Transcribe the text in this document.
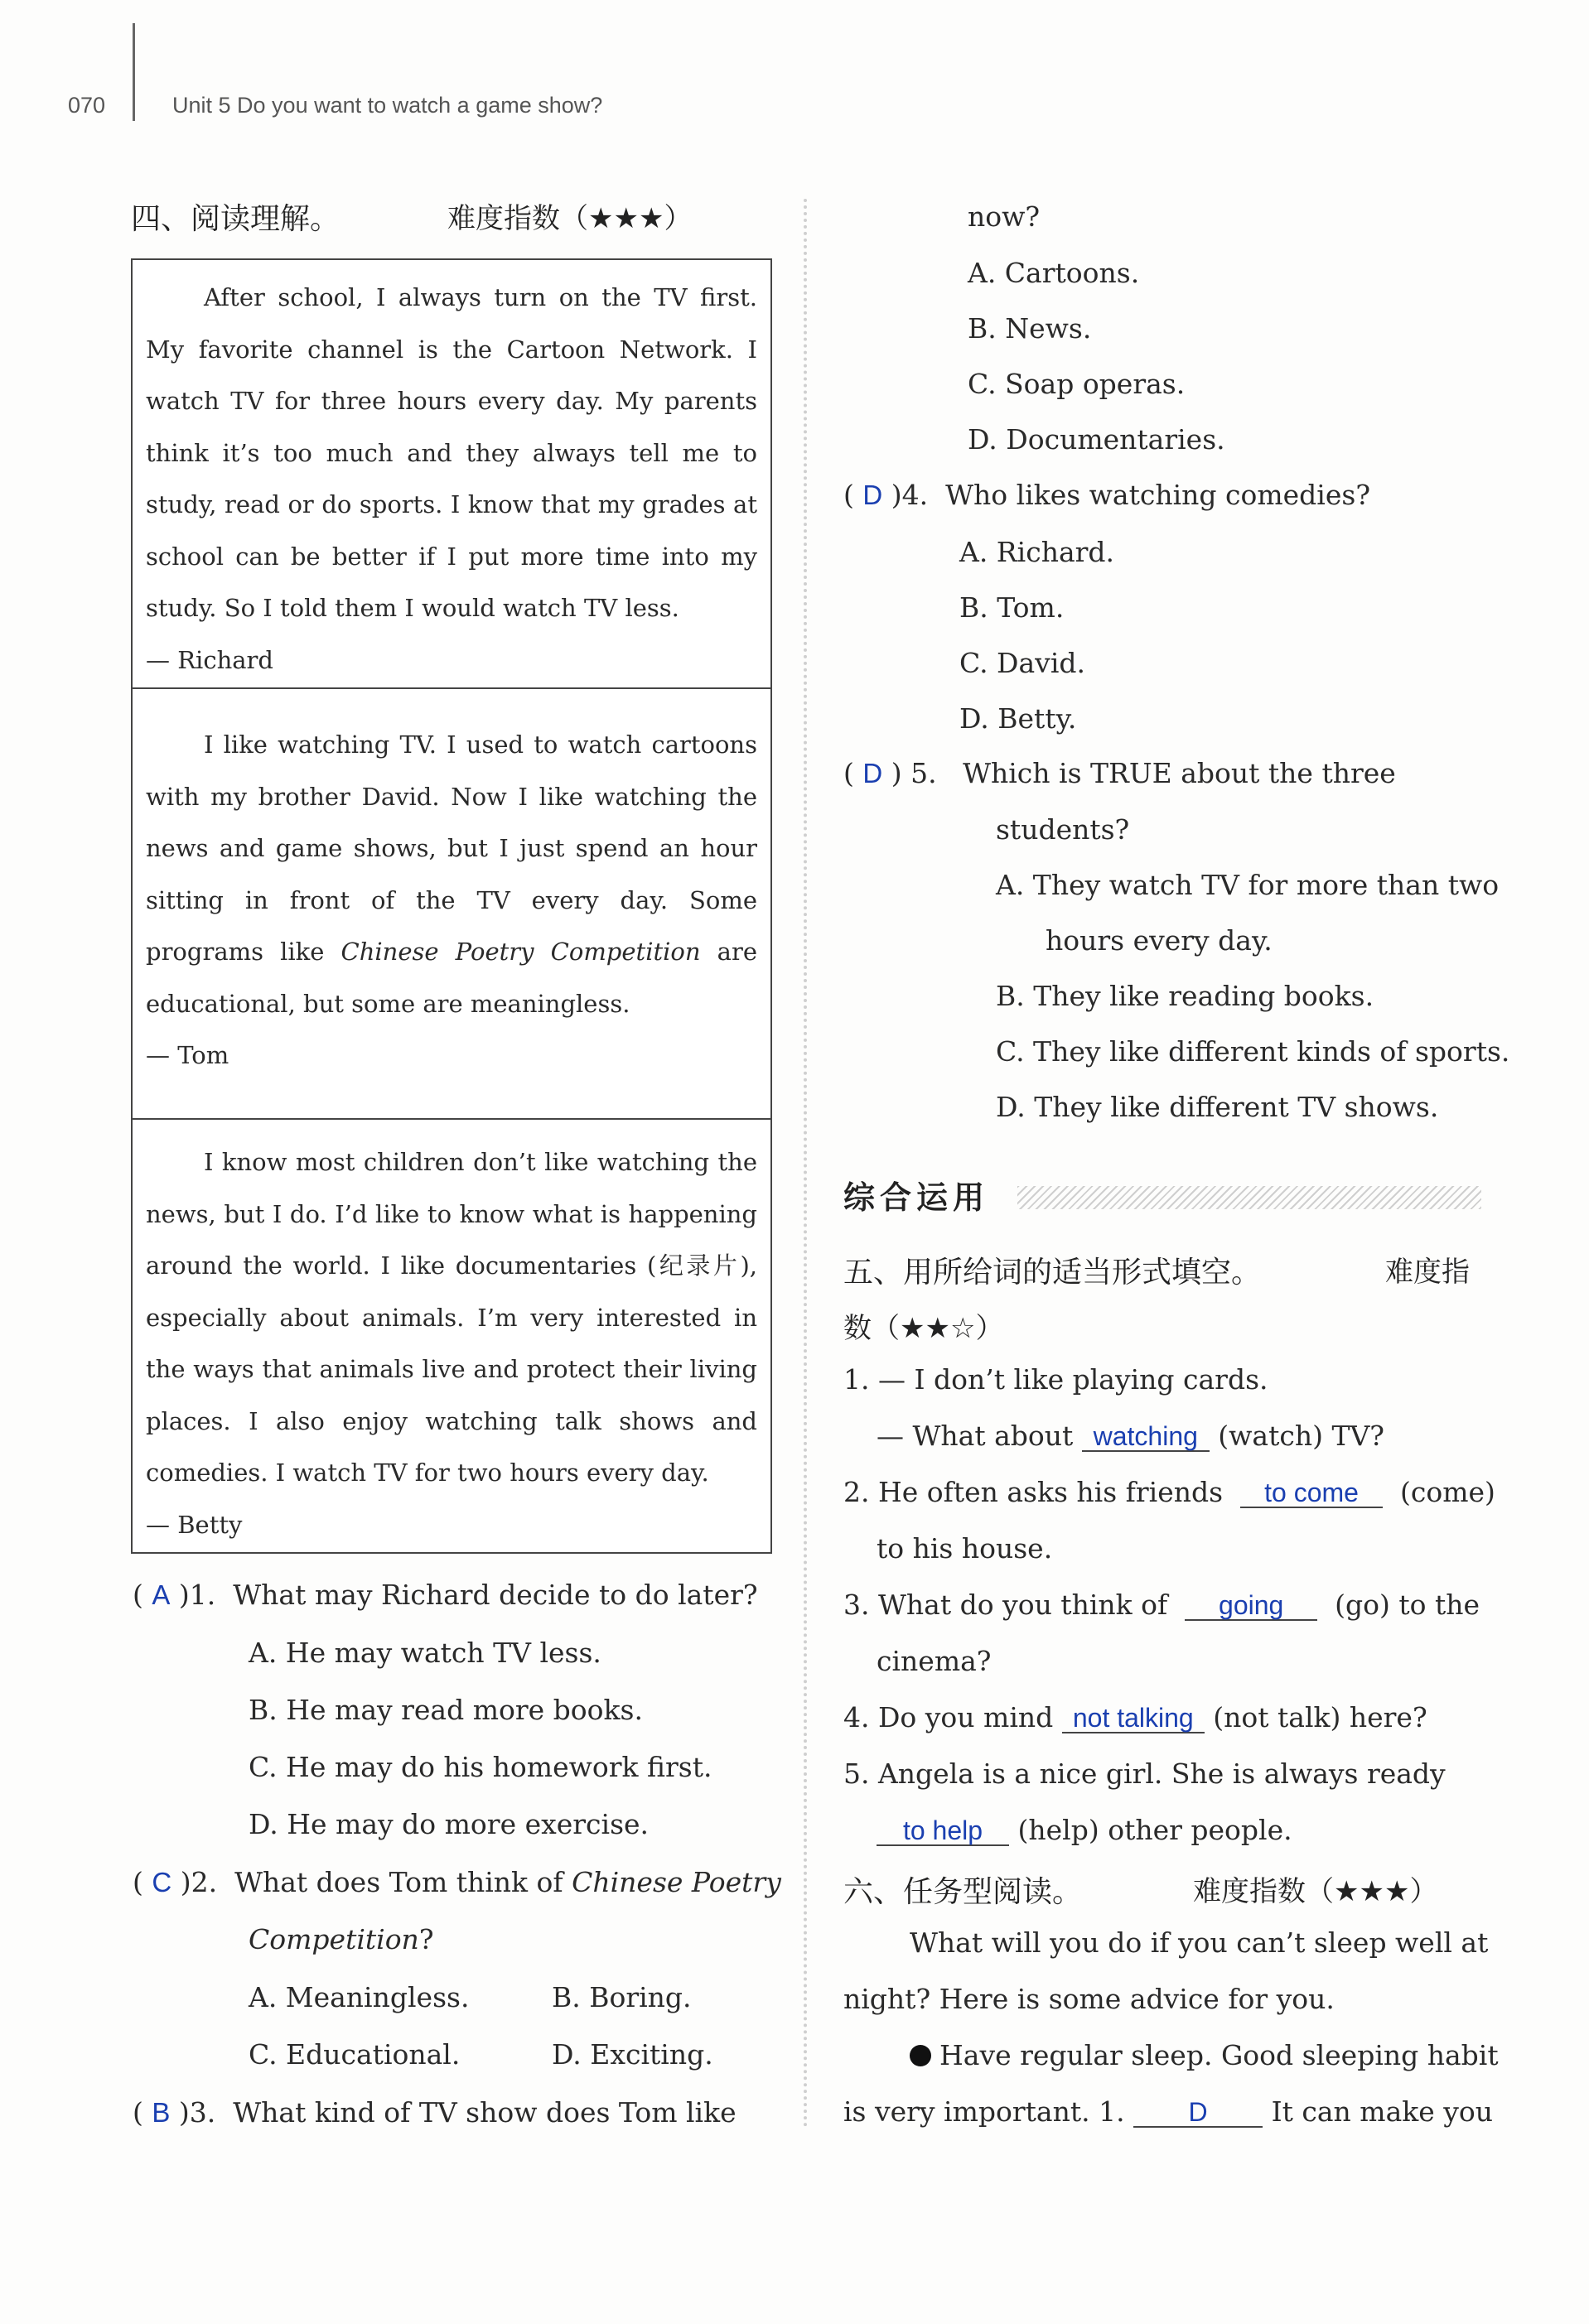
070	Unit 5 Do you want to watch a game show?
四、阅读理解。	难度指数（★★★）

After school, I always turn on the TV first. My favorite channel is the Cartoon Network. I watch TV for three hours every day. My parents think it’s too much and they always tell me to study, read or do sports. I know that my grades at school can be better if I put more time into my study. So I told them I would watch TV less.

— Richard

I like watching TV. I used to watch cartoons with my brother David. Now I like watching the news and game shows, but I just spend an hour sitting in front of the TV every day. Some programs like Chinese Poetry Competition are educational, but some are meaningless.

— Tom

I know most children don’t like watching the news, but I do. I’d like to know what is happening around the world. I like documentaries (纪录片), especially about animals. I’m very interested in the ways that animals live and protect their living places. I also enjoy watching talk shows and comedies. I watch TV for two hours every day.

— Betty

( A )1. What may Richard decide to do later?
A. He may watch TV less.
B. He may read more books.
C. He may do his homework first.
D. He may do more exercise.
( C )2. What does Tom think of Chinese Poetry
Competition?
A. Meaningless.	B. Boring.
C. Educational.	D. Exciting.
( B )3. What kind of TV show does Tom like
now?
A. Cartoons.
B. News.
C. Soap operas.
D. Documentaries.
( D )4. Who likes watching comedies?
A. Richard.
B. Tom.
C. David.
D. Betty.
( D ) 5. Which is TRUE about the three
students?
A. They watch TV for more than two
hours every day.
B. They like reading books.
C. They like different kinds of sports.
D. They like different TV shows.
综合运用
五、用所给词的适当形式填空。	难度指
数（★★☆）
1. — I don’t like playing cards.
— What about watching (watch) TV?
2. He often asks his friends to come (come)
to his house.
3. What do you think of going (go) to the
cinema?
4. Do you mind not talking (not talk) here?
5. Angela is a nice girl. She is always ready
to help (help) other people.
六、任务型阅读。	难度指数（★★★）
What will you do if you can’t sleep well at
night? Here is some advice for you.
Have regular sleep. Good sleeping habit
is very important. 1. D It can make you
